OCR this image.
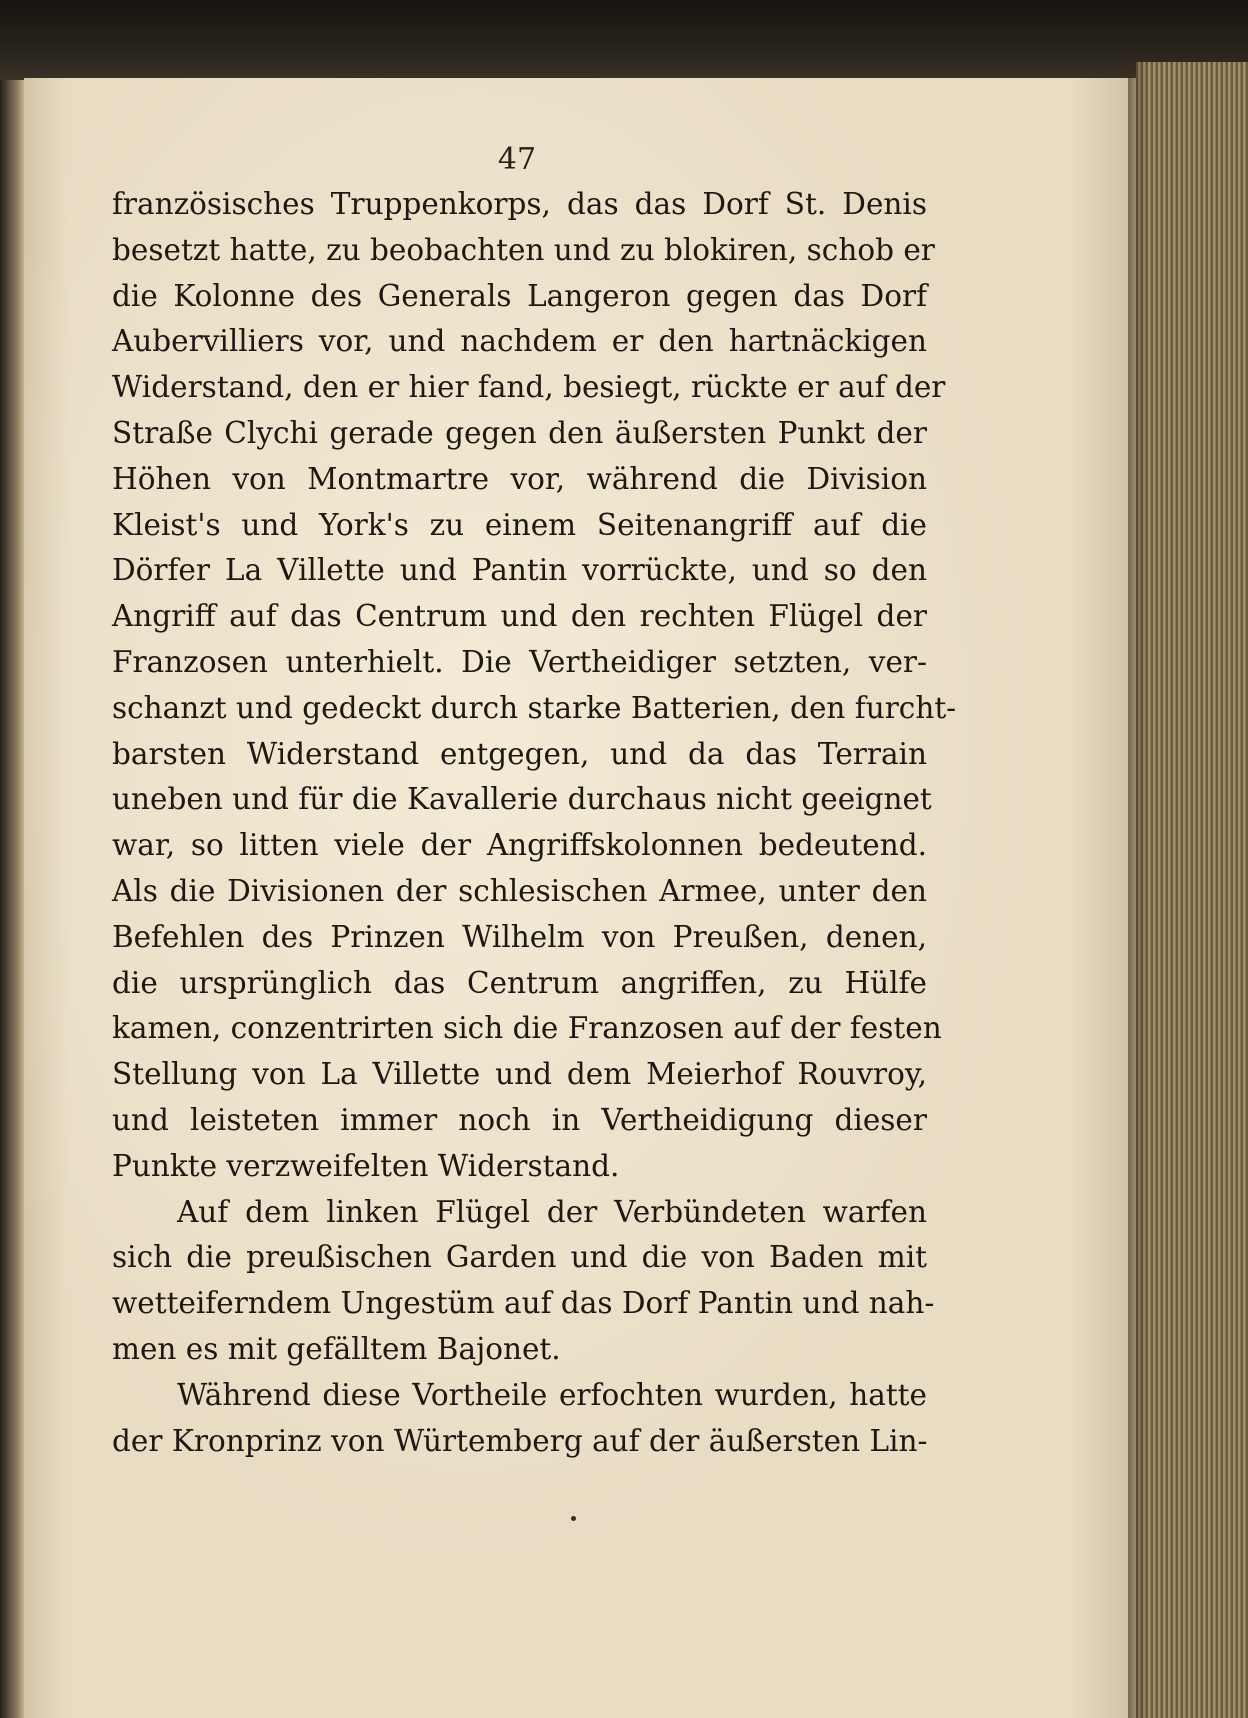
47
französisches Truppenkorps, das das Dorf St. Denis
besetzt hatte, zu beobachten und zu blokiren, schob er
die Kolonne des Generals Langeron gegen das Dorf
Aubervilliers vor, und nachdem er den hartnäckigen
Widerstand, den er hier fand, besiegt, rückte er auf der
Straße Clychi gerade gegen den äußersten Punkt der
Höhen von Montmartre vor, während die Division
Kleist's und York's zu einem Seitenangriff auf die
Dörfer La Villette und Pantin vorrückte, und so den
Angriff auf das Centrum und den rechten Flügel der
Franzosen unterhielt. Die Vertheidiger setzten, ver-
schanzt und gedeckt durch starke Batterien, den furcht-
barsten Widerstand entgegen, und da das Terrain
uneben und für die Kavallerie durchaus nicht geeignet
war, so litten viele der Angriffskolonnen bedeutend.
Als die Divisionen der schlesischen Armee, unter den
Befehlen des Prinzen Wilhelm von Preußen, denen,
die ursprünglich das Centrum angriffen, zu Hülfe
kamen, conzentrirten sich die Franzosen auf der festen
Stellung von La Villette und dem Meierhof Rouvroy,
und leisteten immer noch in Vertheidigung dieser
Punkte verzweifelten Widerstand.
Auf dem linken Flügel der Verbündeten warfen
sich die preußischen Garden und die von Baden mit
wetteiferndem Ungestüm auf das Dorf Pantin und nah-
men es mit gefälltem Bajonet.
Während diese Vortheile erfochten wurden, hatte
der Kronprinz von Würtemberg auf der äußersten Lin-
